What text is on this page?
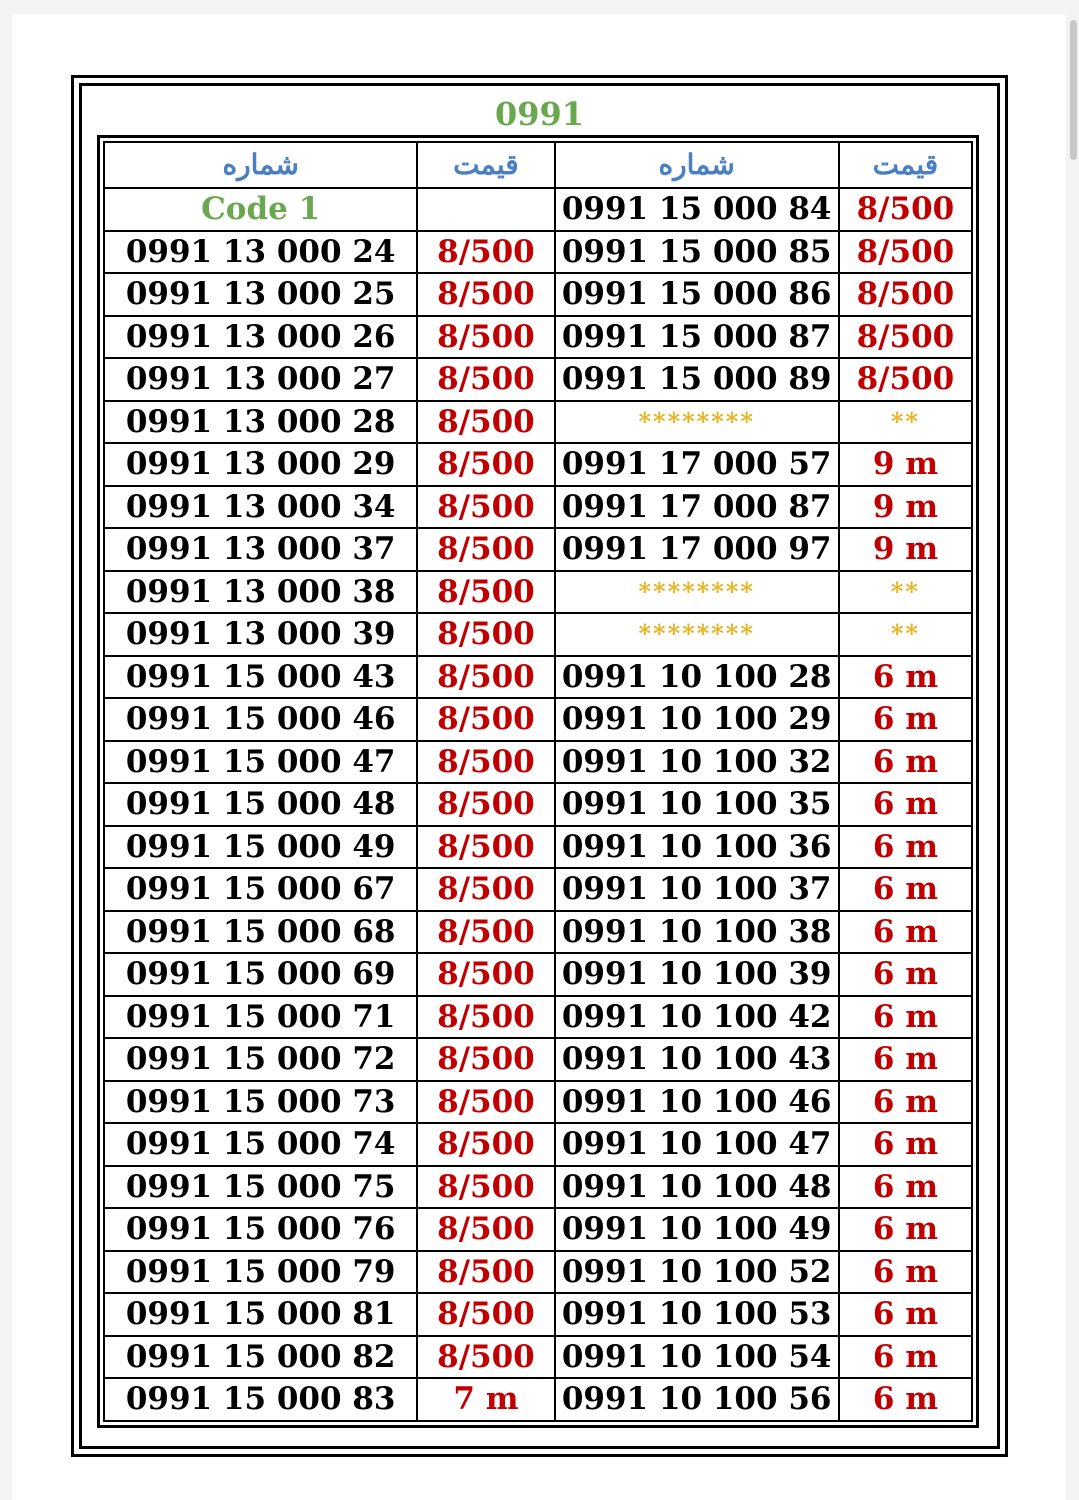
0991
شماره	قیمت	شماره	قیمت
Code 1		0991 15 000 84	8/500
0991 13 000 24	8/500	0991 15 000 85	8/500
0991 13 000 25	8/500	0991 15 000 86	8/500
0991 13 000 26	8/500	0991 15 000 87	8/500
0991 13 000 27	8/500	0991 15 000 89	8/500
0991 13 000 28	8/500	********	**
0991 13 000 29	8/500	0991 17 000 57	9 m
0991 13 000 34	8/500	0991 17 000 87	9 m
0991 13 000 37	8/500	0991 17 000 97	9 m
0991 13 000 38	8/500	********	**
0991 13 000 39	8/500	********	**
0991 15 000 43	8/500	0991 10 100 28	6 m
0991 15 000 46	8/500	0991 10 100 29	6 m
0991 15 000 47	8/500	0991 10 100 32	6 m
0991 15 000 48	8/500	0991 10 100 35	6 m
0991 15 000 49	8/500	0991 10 100 36	6 m
0991 15 000 67	8/500	0991 10 100 37	6 m
0991 15 000 68	8/500	0991 10 100 38	6 m
0991 15 000 69	8/500	0991 10 100 39	6 m
0991 15 000 71	8/500	0991 10 100 42	6 m
0991 15 000 72	8/500	0991 10 100 43	6 m
0991 15 000 73	8/500	0991 10 100 46	6 m
0991 15 000 74	8/500	0991 10 100 47	6 m
0991 15 000 75	8/500	0991 10 100 48	6 m
0991 15 000 76	8/500	0991 10 100 49	6 m
0991 15 000 79	8/500	0991 10 100 52	6 m
0991 15 000 81	8/500	0991 10 100 53	6 m
0991 15 000 82	8/500	0991 10 100 54	6 m
0991 15 000 83	7 m	0991 10 100 56	6 m
